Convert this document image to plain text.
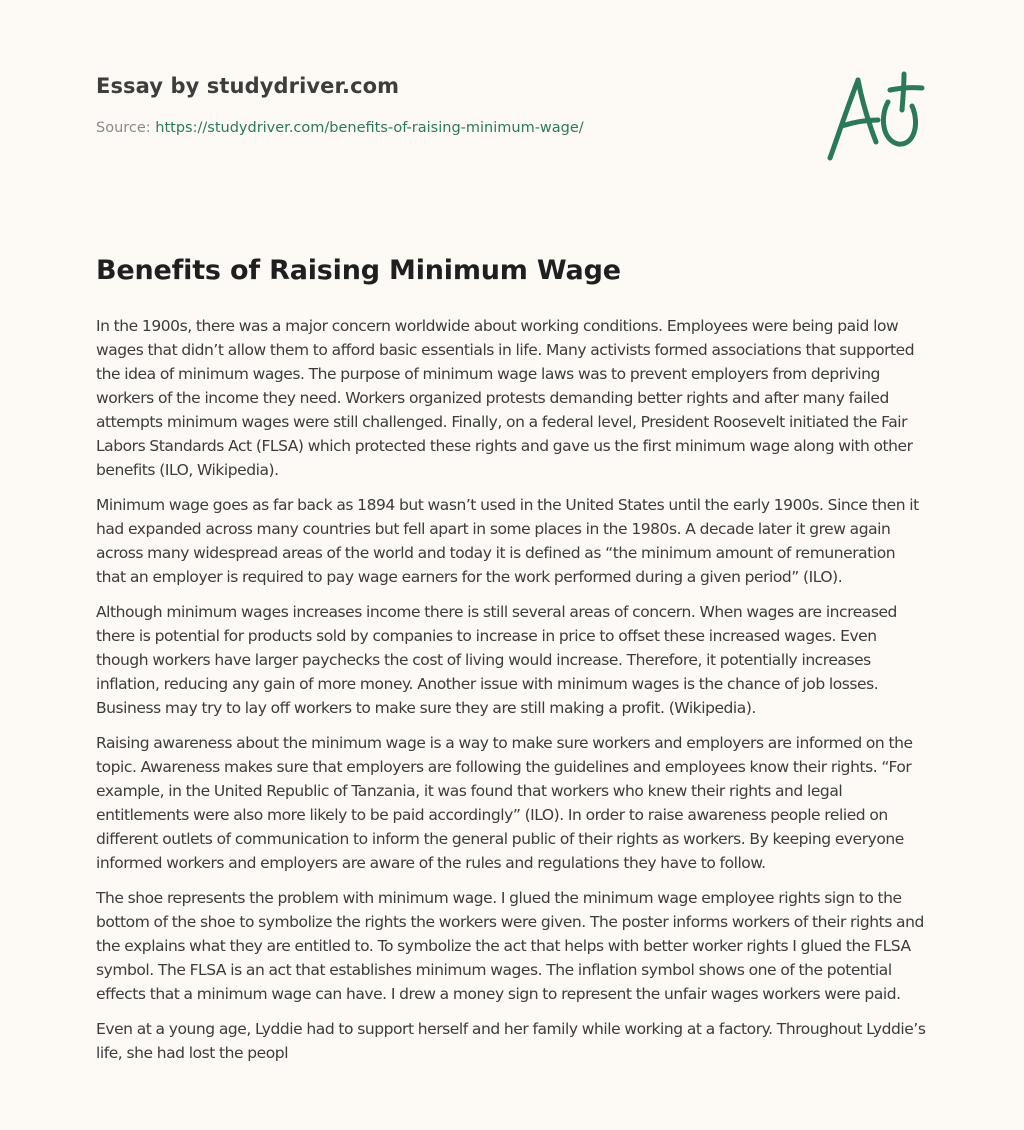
Essay by studydriver.com
Source: https://studydriver.com/benefits-of-raising-minimum-wage/
Benefits of Raising Minimum Wage

In the 1900s, there was a major concern worldwide about working conditions. Employees were being paid low wages that didn’t allow them to afford basic essentials in life. Many activists formed associations that supported the idea of minimum wages. The purpose of minimum wage laws was to prevent employers from depriving workers of the income they need. Workers organized protests demanding better rights and after many failed attempts minimum wages were still challenged. Finally, on a federal level, President Roosevelt initiated the Fair Labors Standards Act (FLSA) which protected these rights and gave us the first minimum wage along with other benefits (ILO, Wikipedia).

Minimum wage goes as far back as 1894 but wasn’t used in the United States until the early 1900s. Since then it had expanded across many countries but fell apart in some places in the 1980s. A decade later it grew again across many widespread areas of the world and today it is defined as “the minimum amount of remuneration that an employer is required to pay wage earners for the work performed during a given period” (ILO).

Although minimum wages increases income there is still several areas of concern. When wages are increased there is potential for products sold by companies to increase in price to offset these increased wages. Even though workers have larger paychecks the cost of living would increase. Therefore, it potentially increases inflation, reducing any gain of more money. Another issue with minimum wages is the chance of job losses. Business may try to lay off workers to make sure they are still making a profit. (Wikipedia).

Raising awareness about the minimum wage is a way to make sure workers and employers are informed on the topic. Awareness makes sure that employers are following the guidelines and employees know their rights. “For example, in the United Republic of Tanzania, it was found that workers who knew their rights and legal entitlements were also more likely to be paid accordingly” (ILO). In order to raise awareness people relied on different outlets of communication to inform the general public of their rights as workers. By keeping everyone informed workers and employers are aware of the rules and regulations they have to follow.

The shoe represents the problem with minimum wage. I glued the minimum wage employee rights sign to the bottom of the shoe to symbolize the rights the workers were given. The poster informs workers of their rights and the explains what they are entitled to. To symbolize the act that helps with better worker rights I glued the FLSA symbol. The FLSA is an act that establishes minimum wages. The inflation symbol shows one of the potential effects that a minimum wage can have. I drew a money sign to represent the unfair wages workers were paid.

Even at a young age, Lyddie had to support herself and her family while working at a factory. Throughout Lyddie’s life, she had lost the peopl
